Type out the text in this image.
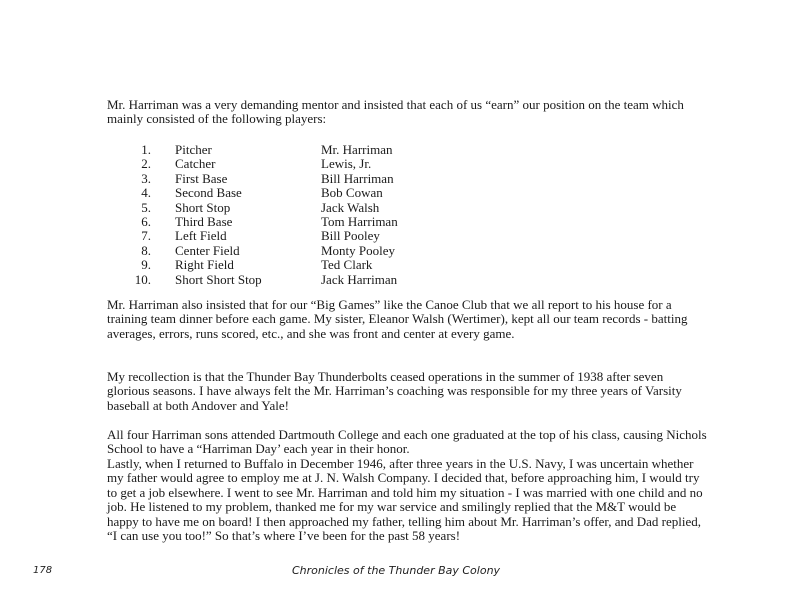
Mr. Harriman was a very demanding mentor and insisted that each of us “earn” our position on the team which mainly consisted of the following players:

1. Pitcher	Mr. Harriman
2. Catcher	Lewis, Jr.
3. First Base	Bill Harriman
4. Second Base	Bob Cowan
5. Short Stop	Jack Walsh
6. Third Base	Tom Harriman
7. Left Field	Bill Pooley
8. Center Field	Monty Pooley
9. Right Field	Ted Clark
10. Short Short Stop	Jack Harriman

Mr. Harriman also insisted that for our “Big Games” like the Canoe Club that we all report to his house for a training team dinner before each game. My sister, Eleanor Walsh (Wertimer), kept all our team records - batting averages, errors, runs scored, etc., and she was front and center at every game.

My recollection is that the Thunder Bay Thunderbolts ceased operations in the summer of 1938 after seven glorious seasons. I have always felt the Mr. Harriman’s coaching was responsible for my three years of Varsity baseball at both Andover and Yale!

All four Harriman sons attended Dartmouth College and each one graduated at the top of his class, causing Nichols School to have a “Harriman Day’ each year in their honor.

Lastly, when I returned to Buffalo in December 1946, after three years in the U.S. Navy, I was uncertain whether my father would agree to employ me at J. N. Walsh Company. I decided that, before approaching him, I would try to get a job elsewhere. I went to see Mr. Harriman and told him my situation - I was married with one child and no job. He listened to my problem, thanked me for my war service and smilingly replied that the M&T would be happy to have me on board! I then approached my father, telling him about Mr. Harriman’s offer, and Dad replied, “I can use you too!” So that’s where I’ve been for the past 58 years!

178	Chronicles of the Thunder Bay Colony
